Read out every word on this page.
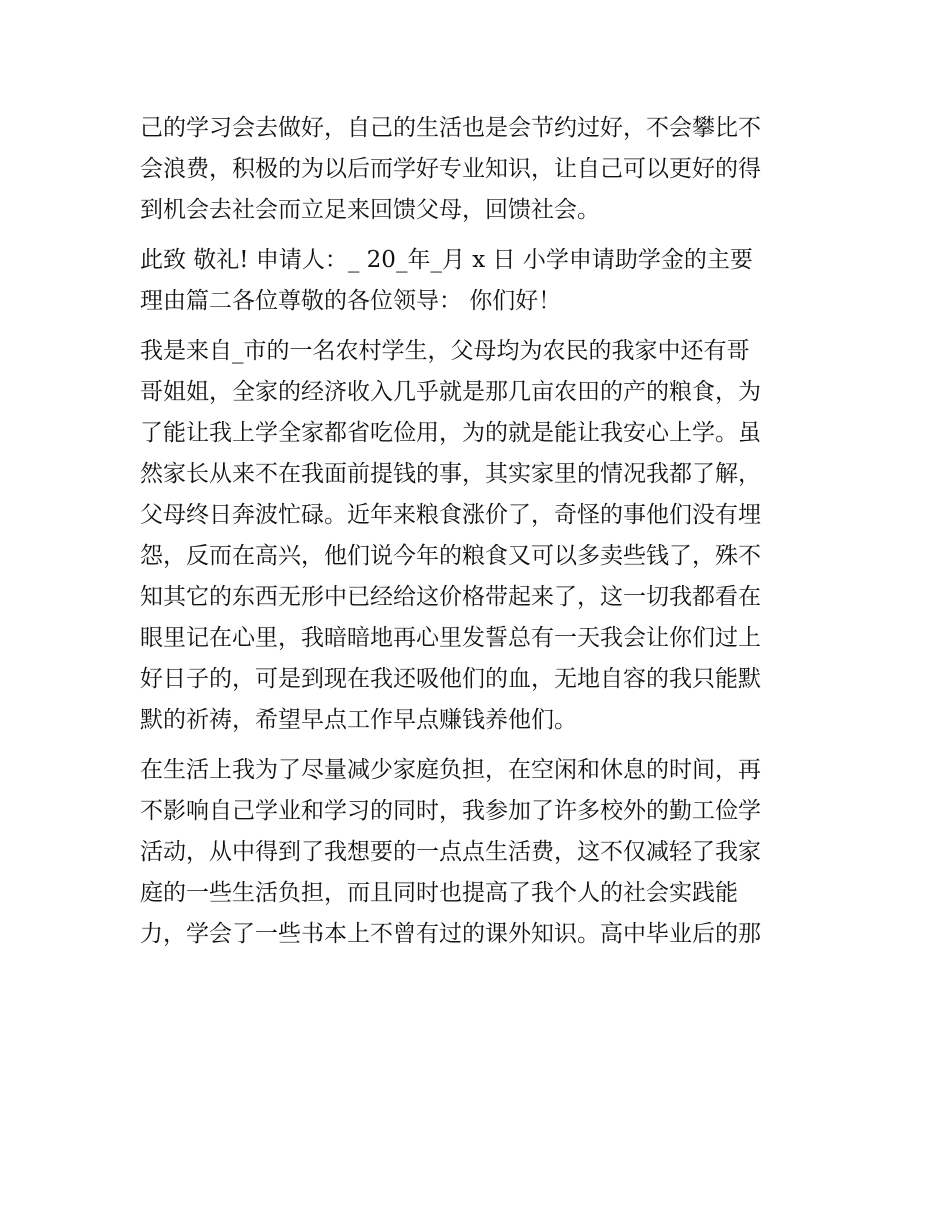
己的学习会去做好，自己的生活也是会节约过好，不会攀比不

会浪费，积极的为以后而学好专业知识，让自己可以更好的得

到机会去社会而立足来回馈父母，回馈社会。

此致 敬礼! 申请人：_ 20_年_月 x 日 小学申请助学金的主要

理由篇二各位尊敬的各位领导： 你们好！

我是来自_市的一名农村学生，父母均为农民的我家中还有哥

哥姐姐，全家的经济收入几乎就是那几亩农田的产的粮食，为

了能让我上学全家都省吃俭用，为的就是能让我安心上学。虽

然家长从来不在我面前提钱的事，其实家里的情况我都了解，

父母终日奔波忙碌。近年来粮食涨价了，奇怪的事他们没有埋

怨，反而在高兴，他们说今年的粮食又可以多卖些钱了，殊不

知其它的东西无形中已经给这价格带起来了，这一切我都看在

眼里记在心里，我暗暗地再心里发誓总有一天我会让你们过上

好日子的，可是到现在我还吸他们的血，无地自容的我只能默

默的祈祷，希望早点工作早点赚钱养他们。

在生活上我为了尽量减少家庭负担，在空闲和休息的时间，再

不影响自己学业和学习的同时，我参加了许多校外的勤工俭学

活动，从中得到了我想要的一点点生活费，这不仅减轻了我家

庭的一些生活负担，而且同时也提高了我个人的社会实践能

力，学会了一些书本上不曾有过的课外知识。高中毕业后的那
